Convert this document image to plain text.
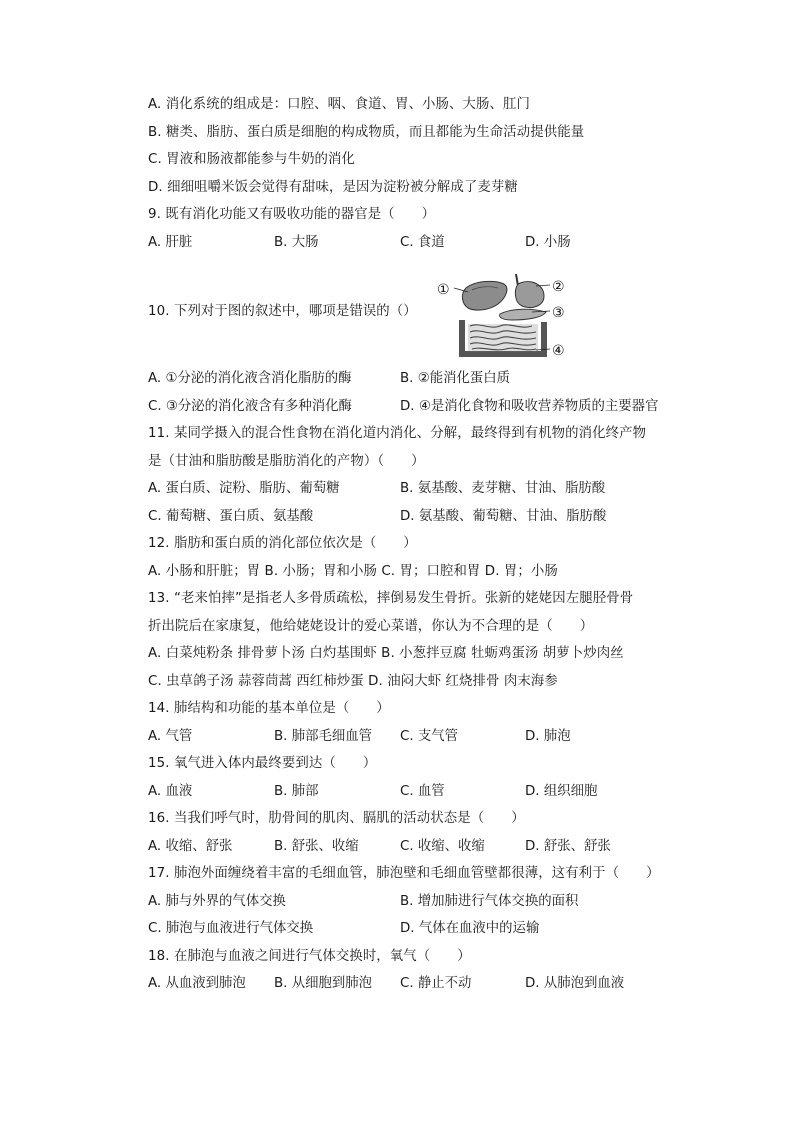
A. 消化系统的组成是：口腔、咽、食道、胃、小肠、大肠、肛门
B. 糖类、脂肪、蛋白质是细胞的构成物质，而且都能为生命活动提供能量
C. 胃液和肠液都能参与牛奶的消化
D. 细细咀嚼米饭会觉得有甜味，是因为淀粉被分解成了麦芽糖
9. 既有消化功能又有吸收功能的器官是（　　）
A. 肝脏	B. 大肠	C. 食道	D. 小肠
10. 下列对于图的叙述中，哪项是错误的（）
①	②
③
④
A. ①分泌的消化液含消化脂肪的酶	B. ②能消化蛋白质
C. ③分泌的消化液含有多种消化酶	D. ④是消化食物和吸收营养物质的主要器官
11. 某同学摄入的混合性食物在消化道内消化、分解，最终得到有机物的消化终产物
是（甘油和脂肪酸是脂肪消化的产物）（　　）
A. 蛋白质、淀粉、脂肪、葡萄糖	B. 氨基酸、麦芽糖、甘油、脂肪酸
C. 葡萄糖、蛋白质、氨基酸	D. 氨基酸、葡萄糖、甘油、脂肪酸
12. 脂肪和蛋白质的消化部位依次是（　　）
A. 小肠和肝脏；胃 B. 小肠；胃和小肠 C. 胃；口腔和胃 D. 胃；小肠
13. “老来怕摔”是指老人多骨质疏松，摔倒易发生骨折。张新的姥姥因左腿胫骨骨
折出院后在家康复，他给姥姥设计的爱心菜谱，你认为不合理的是（　　）
A. 白菜炖粉条 排骨萝卜汤 白灼基围虾 B. 小葱拌豆腐 牡蛎鸡蛋汤 胡萝卜炒肉丝
C. 虫草鸽子汤 蒜蓉茼蒿 西红柿炒蛋 D. 油闷大虾 红烧排骨 肉末海参
14. 肺结构和功能的基本单位是（　　）
A. 气管	B. 肺部毛细血管 C. 支气管	D. 肺泡
15. 氧气进入体内最终要到达（　　）
A. 血液	B. 肺部	C. 血管	D. 组织细胞
16. 当我们呼气时，肋骨间的肌肉、膈肌的活动状态是（　　）
A. 收缩、舒张	B. 舒张、收缩	C. 收缩、收缩	D. 舒张、舒张
17. 肺泡外面缠绕着丰富的毛细血管，肺泡壁和毛细血管壁都很薄，这有利于（　　）
A. 肺与外界的气体交换	B. 增加肺进行气体交换的面积
C. 肺泡与血液进行气体交换	D. 气体在血液中的运输
18. 在肺泡与血液之间进行气体交换时，氧气（　　）
A. 从血液到肺泡 B. 从细胞到肺泡 C. 静止不动	D. 从肺泡到血液
